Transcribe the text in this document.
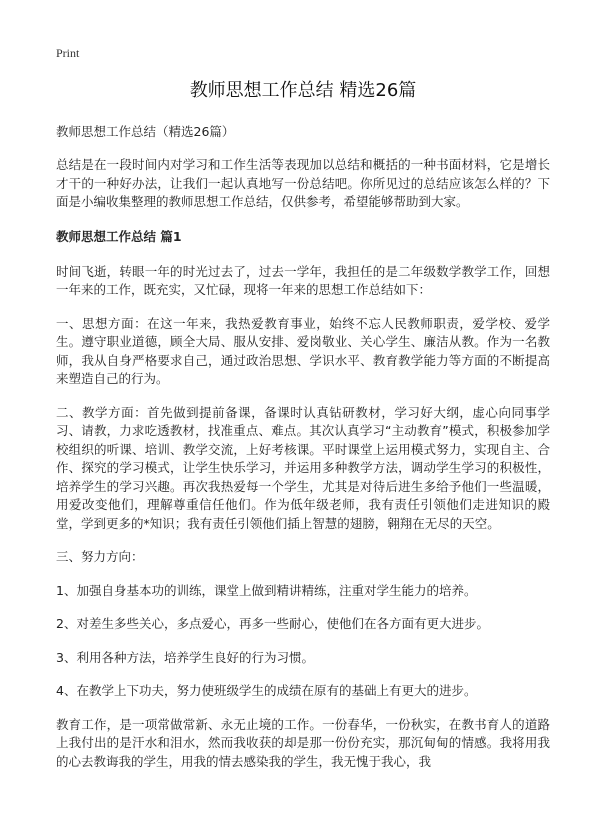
Print
教师思想工作总结 精选26篇
教师思想工作总结（精选26篇）
总结是在一段时间内对学习和工作生活等表现加以总结和概括的一种书面材料，它是增长才干的一种好办法，让我们一起认真地写一份总结吧。你所见过的总结应该怎么样的？下面是小编收集整理的教师思想工作总结，仅供参考，希望能够帮助到大家。
教师思想工作总结 篇1
时间飞逝，转眼一年的时光过去了，过去一学年，我担任的是二年级数学教学工作，回想一年来的工作，既充实，又忙碌，现将一年来的思想工作总结如下：
一、思想方面：在这一年来，我热爱教育事业，始终不忘人民教师职责，爱学校、爱学生。遵守职业道德，顾全大局、服从安排、爱岗敬业、关心学生、廉洁从教。作为一名教师，我从自身严格要求自己，通过政治思想、学识水平、教育教学能力等方面的不断提高来塑造自己的行为。
二、教学方面：首先做到提前备课，备课时认真钻研教材，学习好大纲，虚心向同事学习、请教，力求吃透教材，找准重点、难点。其次认真学习“主动教育”模式，积极参加学校组织的听课、培训、教学交流，上好考核课。平时课堂上运用模式努力，实现自主、合作、探究的学习模式，让学生快乐学习，并运用多种教学方法，调动学生学习的积极性，培养学生的学习兴趣。再次我热爱每一个学生，尤其是对待后进生多给予他们一些温暖，用爱改变他们，理解尊重信任他们。作为低年级老师，我有责任引领他们走进知识的殿堂，学到更多的*知识；我有责任引领他们插上智慧的翅膀，翱翔在无尽的天空。
三、努力方向：
1、加强自身基本功的训练，课堂上做到精讲精练，注重对学生能力的培养。
2、对差生多些关心，多点爱心，再多一些耐心，使他们在各方面有更大进步。
3、利用各种方法，培养学生良好的行为习惯。
4、在教学上下功夫，努力使班级学生的成绩在原有的基础上有更大的进步。
教育工作，是一项常做常新、永无止境的工作。一份春华，一份秋实，在教书育人的道路上我付出的是汗水和泪水，然而我收获的却是那一份份充实，那沉甸甸的情感。我将用我的心去教诲我的学生，用我的情去感染我的学生，我无愧于我心，我
